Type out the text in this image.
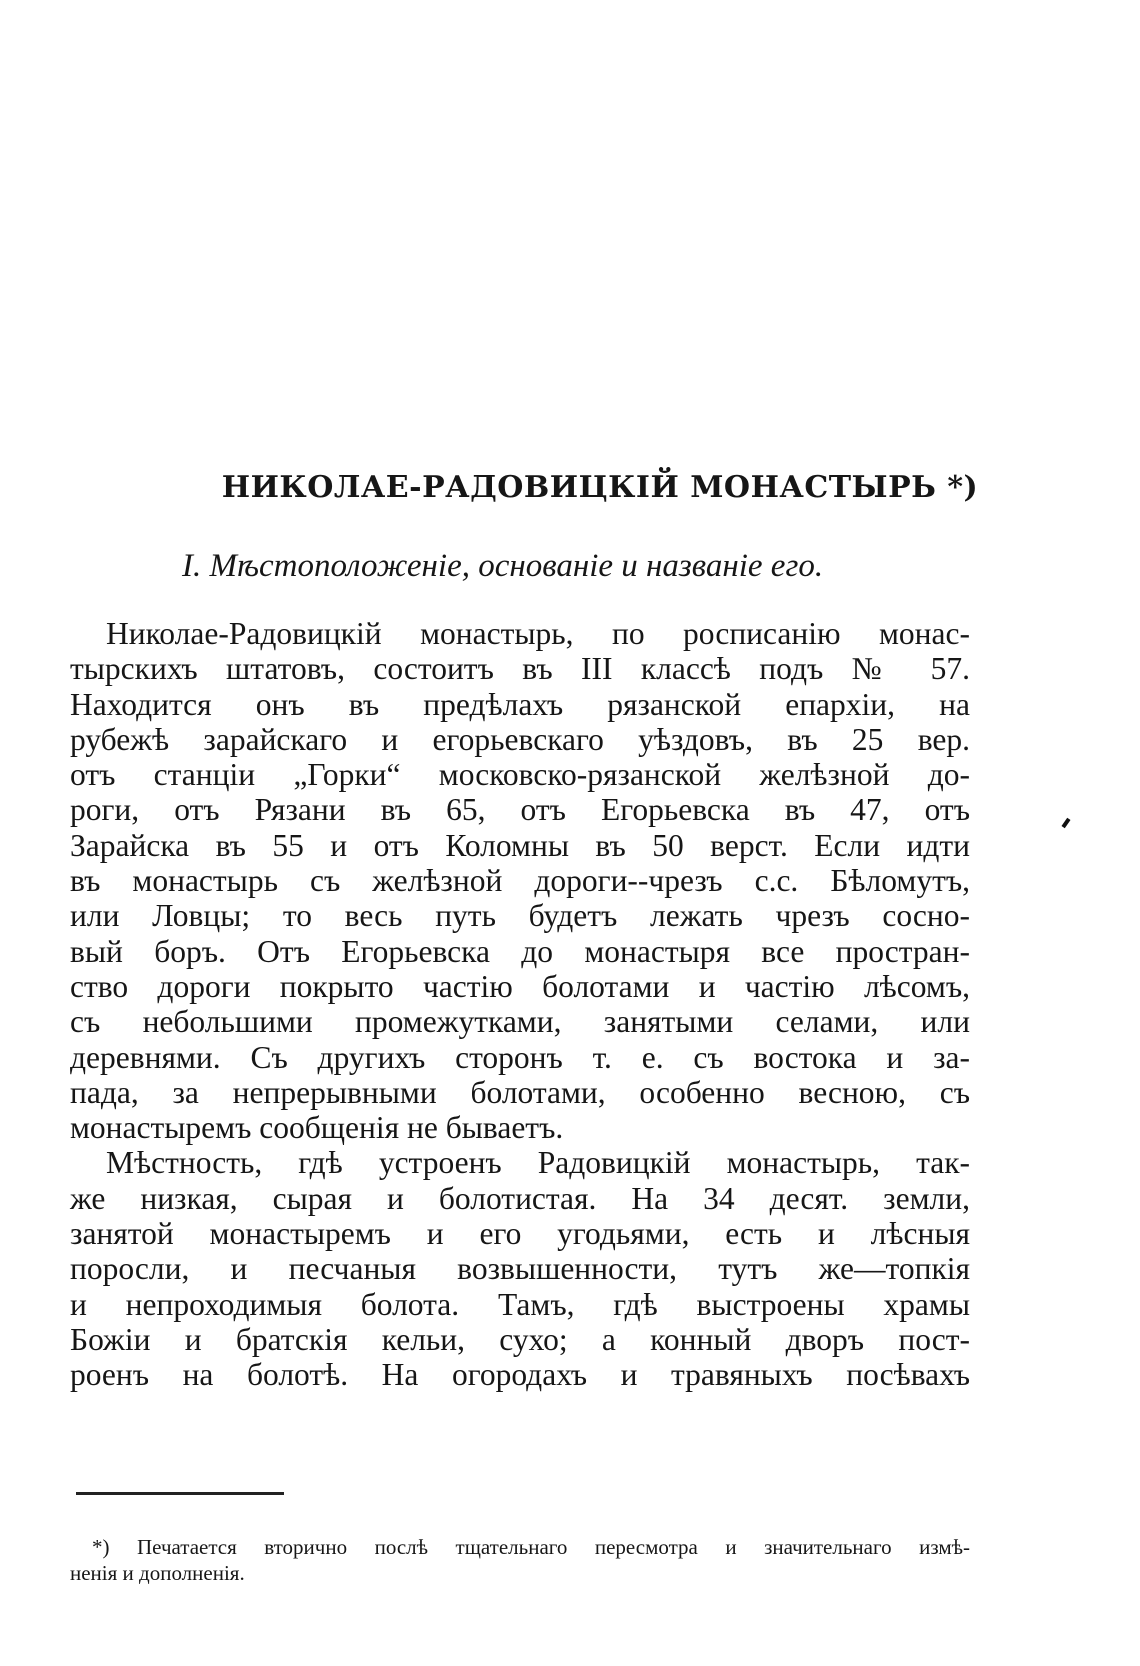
НИКОЛАЕ-РАДОВИЦКІЙ МОНАСТЫРЬ *)
I. Мѣстоположеніе, основаніе и названіе его.
Николае-Радовицкій монастырь, по росписанію монас-
тырскихъ штатовъ, состоитъ въ III классѣ подъ № 57.
Находится онъ въ предѣлахъ рязанской епархіи, на
рубежѣ зарайскаго и егорьевскаго уѣздовъ, въ 25 вер.
отъ станціи „Горки“ московско-рязанской желѣзной до-
роги, отъ Рязани въ 65, отъ Егорьевска въ 47, отъ
Зарайска въ 55 и отъ Коломны въ 50 верст. Если идти
въ монастырь съ желѣзной дороги--чрезъ с.с. Бѣломутъ,
или Ловцы; то весь путь будетъ лежать чрезъ сосно-
вый боръ. Отъ Егорьевска до монастыря все простран-
ство дороги покрыто частію болотами и частію лѣсомъ,
съ небольшими промежутками, занятыми селами, или
деревнями. Съ другихъ сторонъ т. е. съ востока и за-
пада, за непрерывными болотами, особенно весною, съ
монастыремъ сообщенія не бываетъ.
Мѣстность, гдѣ устроенъ Радовицкій монастырь, так-
же низкая, сырая и болотистая. На 34 десят. земли,
занятой монастыремъ и его угодьями, есть и лѣсныя
поросли, и песчаныя возвышенности, тутъ же—топкія
и непроходимыя болота. Тамъ, гдѣ выстроены храмы
Божіи и братскія кельи, сухо; а конный дворъ пост-
роенъ на болотѣ. На огородахъ и травяныхъ посѣвахъ
*) Печатается вторично послѣ тщательнаго пересмотра и значительнаго измѣ-
ненія и дополненія.
